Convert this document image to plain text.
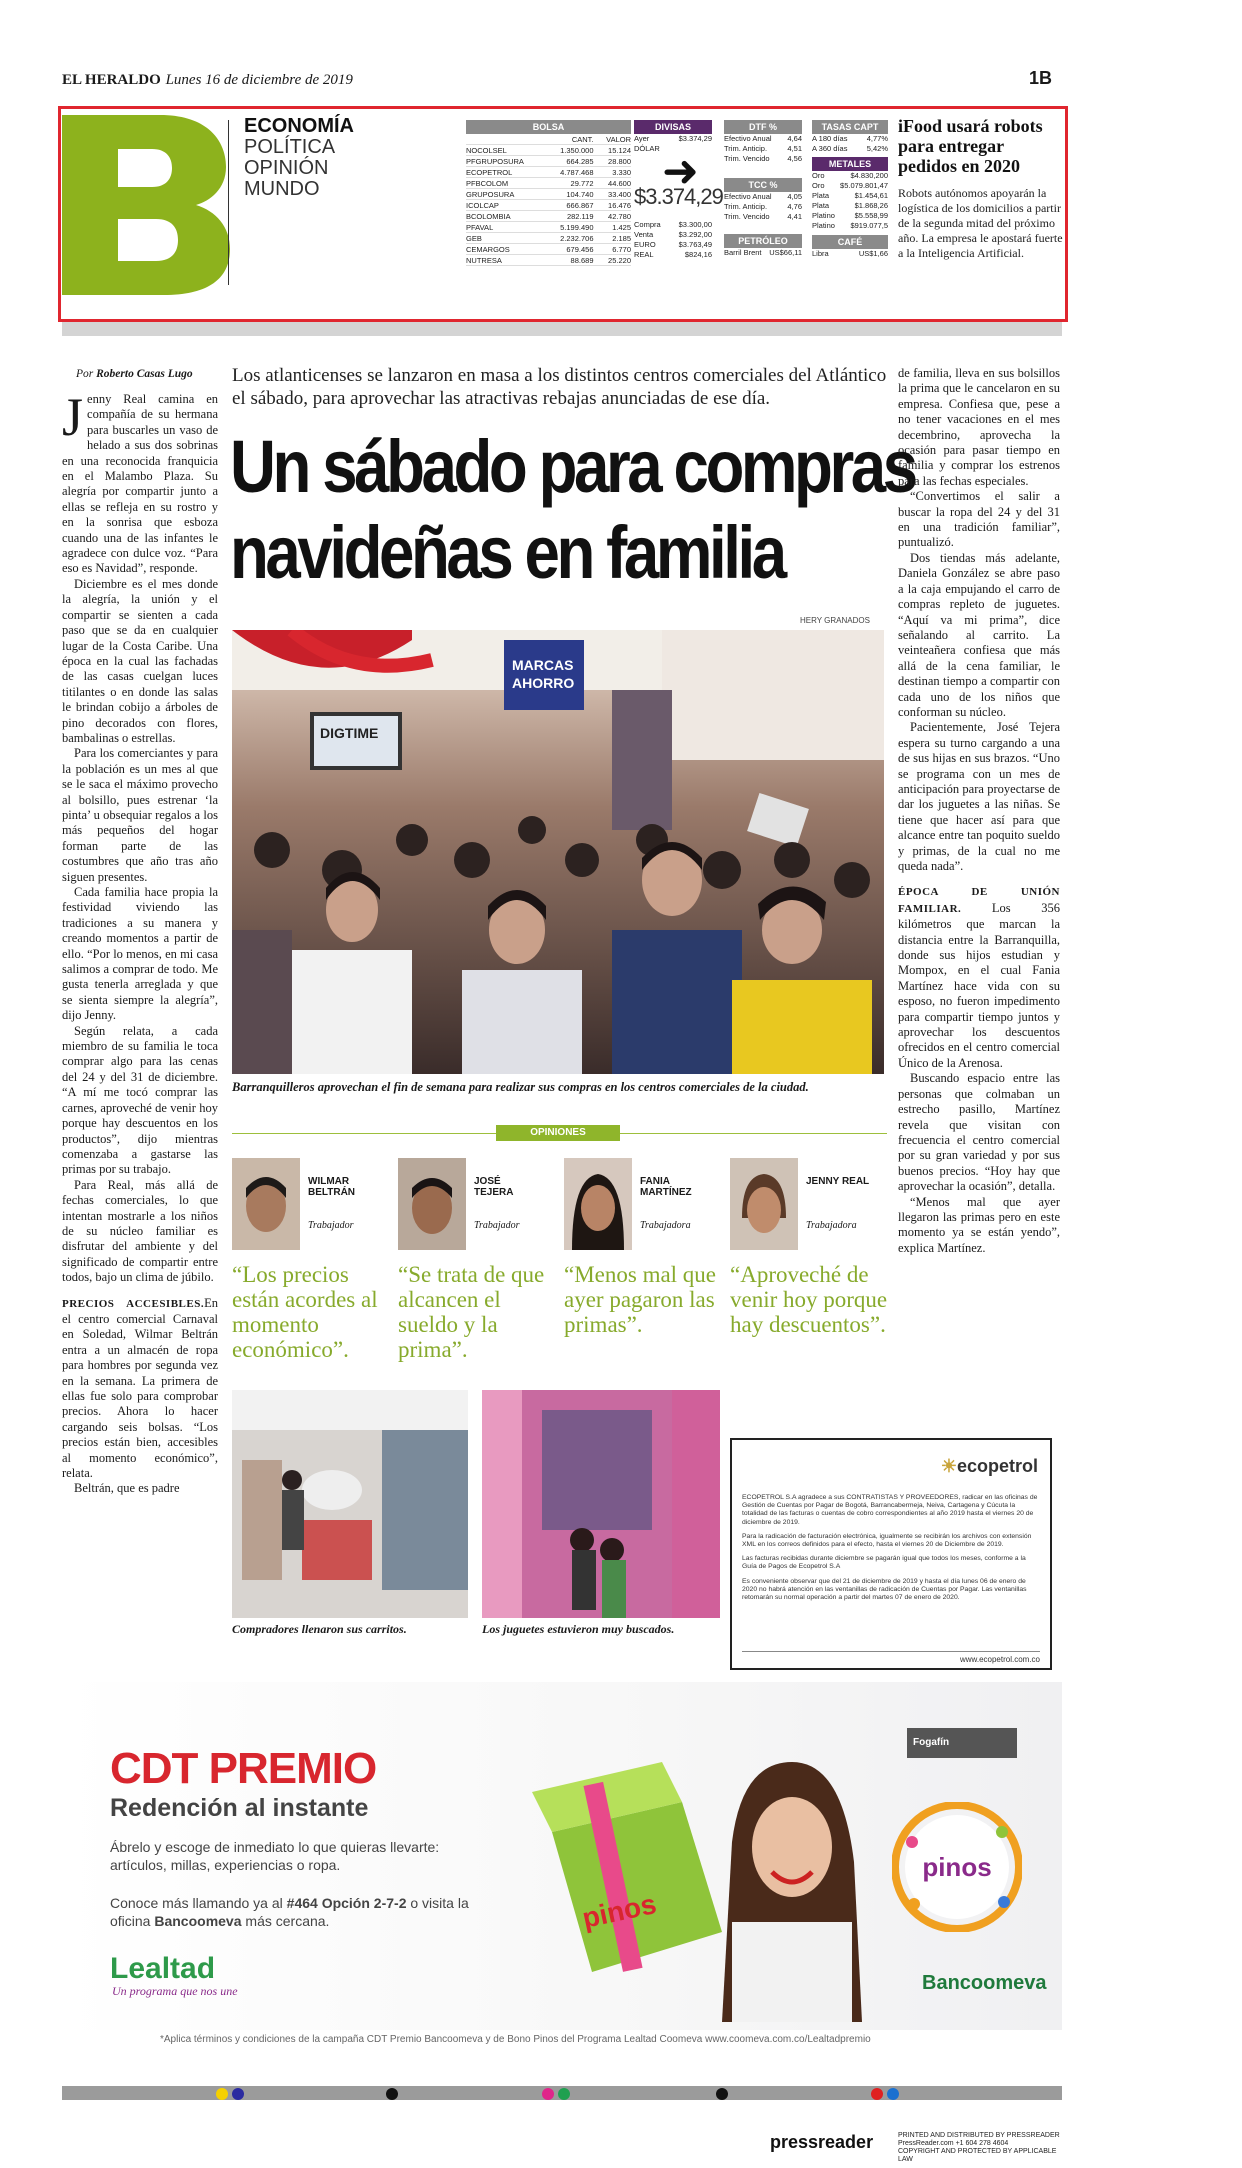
EL HERALDO Lunes 16 de diciembre de 2019	1B
ECONOMÍA
POLÍTICA
OPINIÓN
MUNDO
BOLSA
CANT.	VALOR
NOCOLSEL	1.350.000	15.124
PFGRUPOSURA	664.285	28.800
ECOPETROL	4.787.468	3.330
PFBCOLOM	29.772	44.600
GRUPOSURA	104.740	33.400
ICOLCAP	666.867	16.476
BCOLOMBIA	282.119	42.780
PFAVAL	5.199.490	1.425
GEB	2.232.706	2.185
CEMARGOS	679.456	6.770
NUTRESA	88.689	25.220
DIVISAS
Ayer	$3.374,29
DÓLAR
$3.374,29
Compra $3.300,00
Venta	$3.292,00
EURO	$3.763,49
REAL	$824,16
➜
DTF %
Efectivo Anual 4,64
Trim. Anticip.	4,51
Trim. Vencido 4,56
TCC %
Efectivo Anual 4,05
Trim. Anticip.	4,76
Trim. Vencido 4,41
PETRÓLEO
Barril Brent US$66,11
TASAS CAPT
A 180 días	4,77%
A 360 días	5,42%
METALES
Oro	$4.830,200
Oro $5.079.801,47
Plata	$1.454,61
Plata	$1.868,26
Platino	$5.558,99
Platino $919.077,5
CAFÉ
Libra	US$1,66
iFood usará robots para entregar pedidos en 2020
Robots autónomos apoyarán la logística de los domicilios a partir de la segunda mitad del próximo año. La empresa le apostará fuerte a la Inteligencia Artificial.
Por Roberto Casas Lugo

Jenny Real camina en compañía de su hermana para buscarles un vaso de helado a sus dos sobrinas en una reconocida franquicia en el Malambo Plaza. Su alegría por compartir junto a ellas se refleja en su rostro y en la sonrisa que esboza cuando una de las infantes le agradece con dulce voz. “Para eso es Navidad”, responde.

Diciembre es el mes donde la alegría, la unión y el compartir se sienten a cada paso que se da en cualquier lugar de la Costa Caribe. Una época en la cual las fachadas de las casas cuelgan luces titilantes o en donde las salas le brindan cobijo a árboles de pino decorados con flores, bambalinas o estrellas.

Para los comerciantes y para la población es un mes al que se le saca el máximo provecho al bolsillo, pues estrenar ‘la pinta’ u obsequiar regalos a los más pequeños del hogar forman parte de las costumbres que año tras año siguen presentes.

Cada familia hace propia la festividad viviendo las tradiciones a su manera y creando momentos a partir de ello. “Por lo menos, en mi casa salimos a comprar de todo. Me gusta tenerla arreglada y que se sienta siempre la alegría”, dijo Jenny.

Según relata, a cada miembro de su familia le toca comprar algo para las cenas del 24 y del 31 de diciembre. “A mí me tocó comprar las carnes, aproveché de venir hoy porque hay descuentos en los productos”, dijo mientras comenzaba a gastarse las primas por su trabajo.

Para Real, más allá de fechas comerciales, lo que intentan mostrarle a los niños de su núcleo familiar es disfrutar del ambiente y del significado de compartir entre todos, bajo un clima de júbilo.

PRECIOS ACCESIBLES.En el centro comercial Carnaval en Soledad, Wilmar Beltrán entra a un almacén de ropa para hombres por segunda vez en la semana. La primera de ellas fue solo para comprobar precios. Ahora lo hacer cargando seis bolsas. “Los precios están bien, accesibles al momento económico”, relata.

Beltrán, que es padre

Los atlanticenses se lanzaron en masa a los distintos centros comerciales del Atlántico el sábado, para aprovechar las atractivas rebajas anunciadas de ese día.
Un sábado para compras
navideñas en familia
HERY GRANADOS
DIGTIME
MARCAS
AHORRO
Barranquilleros aprovechan el fin de semana para realizar sus compras en los centros comerciales de la ciudad.

de familia, lleva en sus bolsillos la prima que le cancelaron en su empresa. Confiesa que, pese a no tener vacaciones en el mes decembrino, aprovecha la ocasión para pasar tiempo en familia y comprar los estrenos para las fechas especiales.

“Convertimos el salir a buscar la ropa del 24 y del 31 en una tradición familiar”, puntualizó.

Dos tiendas más adelante, Daniela González se abre paso a la caja empujando el carro de compras repleto de juguetes. “Aquí va mi prima”, dice señalando al carrito. La veinteañera confiesa que más allá de la cena familiar, le destinan tiempo a compartir con cada uno de los niños que conforman su núcleo.

Pacientemente, José Tejera espera su turno cargando a una de sus hijas en sus brazos. “Uno se programa con un mes de anticipación para proyectarse de dar los juguetes a las niñas. Se tiene que hacer así para que alcance entre tan poquito sueldo y primas, de la cual no me queda nada”.

ÉPOCA DE UNIÓN FAMILIAR. Los 356 kilómetros que marcan la distancia entre la Barranquilla, donde sus hijos estudian y Mompox, en el cual Fania Martínez hace vida con su esposo, no fueron impedimento para compartir tiempo juntos y aprovechar los descuentos ofrecidos en el centro comercial Único de la Arenosa.

Buscando espacio entre las personas que colmaban un estrecho pasillo, Martínez revela que visitan con frecuencia el centro comercial por su gran variedad y por sus buenos precios. “Hoy hay que aprovechar la ocasión”, detalla.

“Menos mal que ayer llegaron las primas pero en este momento ya se están yendo”, explica Martínez.

OPINIONES
WILMAR
BELTRÁN
Trabajador
“Los precios están acordes al momento económico”.
JOSÉ
TEJERA
Trabajador
“Se trata de que alcancen el sueldo y la prima”.
FANIA
MARTÍNEZ
Trabajadora
“Menos mal que ayer pagaron las primas”.
JENNY REAL
Trabajadora
“Aproveché de venir hoy porque hay descuentos”.
Compradores llenaron sus carritos.	Los juguetes estuvieron muy buscados.
☀ecopetrol

ECOPETROL S.A agradece a sus CONTRATISTAS Y PROVEEDORES, radicar en las oficinas de Gestión de Cuentas por Pagar de Bogotá, Barrancabermeja, Neiva, Cartagena y Cúcuta la totalidad de las facturas o cuentas de cobro correspondientes al año 2019 hasta el viernes 20 de diciembre de 2019.

Para la radicación de facturación electrónica, igualmente se recibirán los archivos con extensión XML en los correos definidos para el efecto, hasta el viernes 20 de Diciembre de 2019.

Las facturas recibidas durante diciembre se pagarán igual que todos los meses, conforme a la Guía de Pagos de Ecopetrol S.A

Es conveniente observar que del 21 de diciembre de 2019 y hasta el día lunes 06 de enero de 2020 no habrá atención en las ventanillas de radicación de Cuentas por Pagar. Las ventanillas retomarán su normal operación a partir del martes 07 de enero de 2020.

www.ecopetrol.com.co
CDT PREMIO
Redención al instante
Ábrelo y escoge de inmediato lo que quieras llevarte: artículos, millas, experiencias o ropa.
Conoce más llamando ya al #464 Opción 2-7-2 o visita la oficina Bancoomeva más cercana.
Lealtad
Un programa que nos une
pinos
Fogafín
pinos
Bancoomeva
*Aplica términos y condiciones de la campaña CDT Premio Bancoomeva y de Bono Pinos del Programa Lealtad Coomeva www.coomeva.com.co/Lealtadpremio
pressreader	PRINTED AND DISTRIBUTED BY PRESSREADER
PressReader.com +1 604 278 4604
COPYRIGHT AND PROTECTED BY APPLICABLE LAW
